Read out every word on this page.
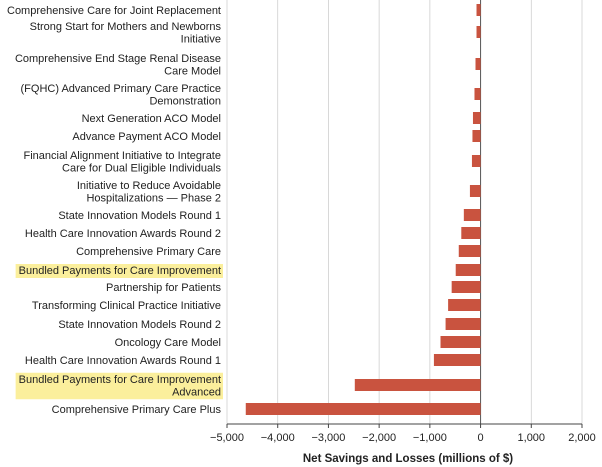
Comprehensive Care for Joint Replacement
Strong Start for Mothers and Newborns
Initiative
Comprehensive End Stage Renal Disease
Care Model
(FQHC) Advanced Primary Care Practice
Demonstration
Next Generation ACO Model
Advance Payment ACO Model
Financial Alignment Initiative to Integrate
Care for Dual Eligible Individuals
Initiative to Reduce Avoidable
Hospitalizations — Phase 2
State Innovation Models Round 1
Health Care Innovation Awards Round 2
Comprehensive Primary Care
Bundled Payments for Care Improvement
Partnership for Patients
Transforming Clinical Practice Initiative
State Innovation Models Round 2
Oncology Care Model
Health Care Innovation Awards Round 1
Bundled Payments for Care Improvement
Advanced
Comprehensive Primary Care Plus
−5,000 −4,000 −3,000 −2,000 −1,000	0	1,000 2,000
Net Savings and Losses (millions of $)
